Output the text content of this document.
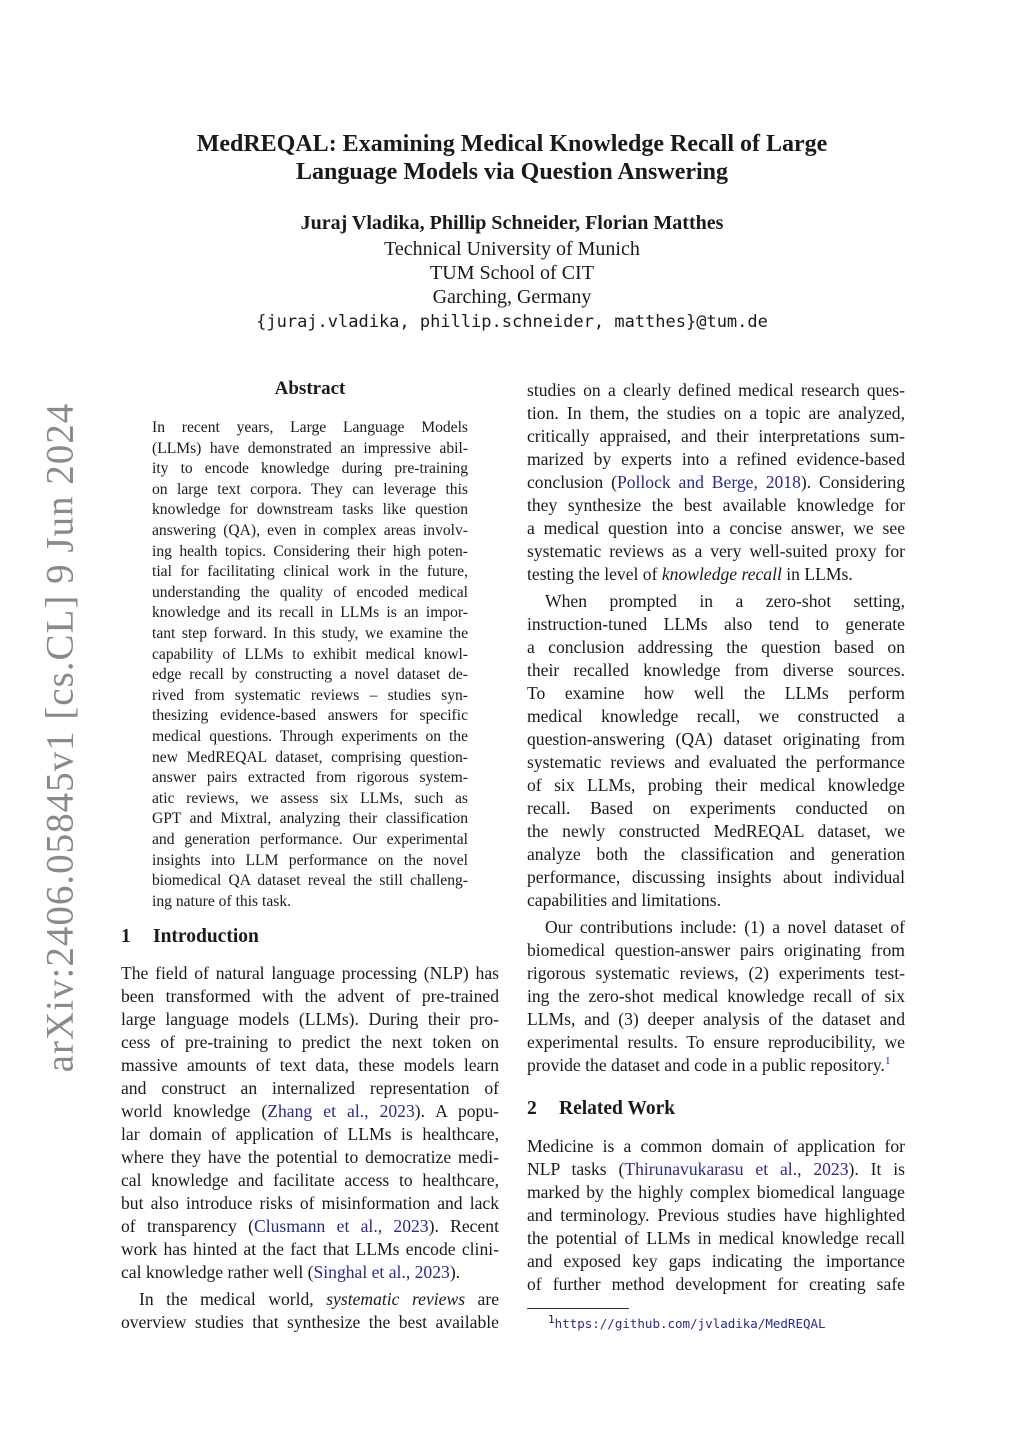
arXiv:2406.05845v1 [cs.CL] 9 Jun 2024
MedREQAL: Examining Medical Knowledge Recall of Large
Language Models via Question Answering
Juraj Vladika, Phillip Schneider, Florian Matthes
Technical University of Munich
TUM School of CIT
Garching, Germany
{juraj.vladika, phillip.schneider, matthes}@tum.de
Abstract
In recent years, Large Language Models
(LLMs) have demonstrated an impressive abil-
ity to encode knowledge during pre-training
on large text corpora. They can leverage this
knowledge for downstream tasks like question
answering (QA), even in complex areas involv-
ing health topics. Considering their high poten-
tial for facilitating clinical work in the future,
understanding the quality of encoded medical
knowledge and its recall in LLMs is an impor-
tant step forward. In this study, we examine the
capability of LLMs to exhibit medical knowl-
edge recall by constructing a novel dataset de-
rived from systematic reviews – studies syn-
thesizing evidence-based answers for specific
medical questions. Through experiments on the
new MedREQAL dataset, comprising question-
answer pairs extracted from rigorous system-
atic reviews, we assess six LLMs, such as
GPT and Mixtral, analyzing their classification
and generation performance. Our experimental
insights into LLM performance on the novel
biomedical QA dataset reveal the still challeng-
ing nature of this task.
1 Introduction
The field of natural language processing (NLP) has
been transformed with the advent of pre-trained
large language models (LLMs). During their pro-
cess of pre-training to predict the next token on
massive amounts of text data, these models learn
and construct an internalized representation of
world knowledge (Zhang et al., 2023). A popu-
lar domain of application of LLMs is healthcare,
where they have the potential to democratize medi-
cal knowledge and facilitate access to healthcare,
but also introduce risks of misinformation and lack
of transparency (Clusmann et al., 2023). Recent
work has hinted at the fact that LLMs encode clini-
cal knowledge rather well (Singhal et al., 2023).
In the medical world, systematic reviews are
overview studies that synthesize the best available
studies on a clearly defined medical research ques-
tion. In them, the studies on a topic are analyzed,
critically appraised, and their interpretations sum-
marized by experts into a refined evidence-based
conclusion (Pollock and Berge, 2018). Considering
they synthesize the best available knowledge for
a medical question into a concise answer, we see
systematic reviews as a very well-suited proxy for
testing the level of knowledge recall in LLMs.
When prompted in a zero-shot setting,
instruction-tuned LLMs also tend to generate
a conclusion addressing the question based on
their recalled knowledge from diverse sources.
To examine how well the LLMs perform
medical knowledge recall, we constructed a
question-answering (QA) dataset originating from
systematic reviews and evaluated the performance
of six LLMs, probing their medical knowledge
recall. Based on experiments conducted on
the newly constructed MedREQAL dataset, we
analyze both the classification and generation
performance, discussing insights about individual
capabilities and limitations.
Our contributions include: (1) a novel dataset of
biomedical question-answer pairs originating from
rigorous systematic reviews, (2) experiments test-
ing the zero-shot medical knowledge recall of six
LLMs, and (3) deeper analysis of the dataset and
experimental results. To ensure reproducibility, we
provide the dataset and code in a public repository.$^1$
2 Related Work
Medicine is a common domain of application for
NLP tasks (Thirunavukarasu et al., 2023). It is
marked by the highly complex biomedical language
and terminology. Previous studies have highlighted
the potential of LLMs in medical knowledge recall
and exposed key gaps indicating the importance
of further method development for creating safe
$^1$https://github.com/jvladika/MedREQAL
